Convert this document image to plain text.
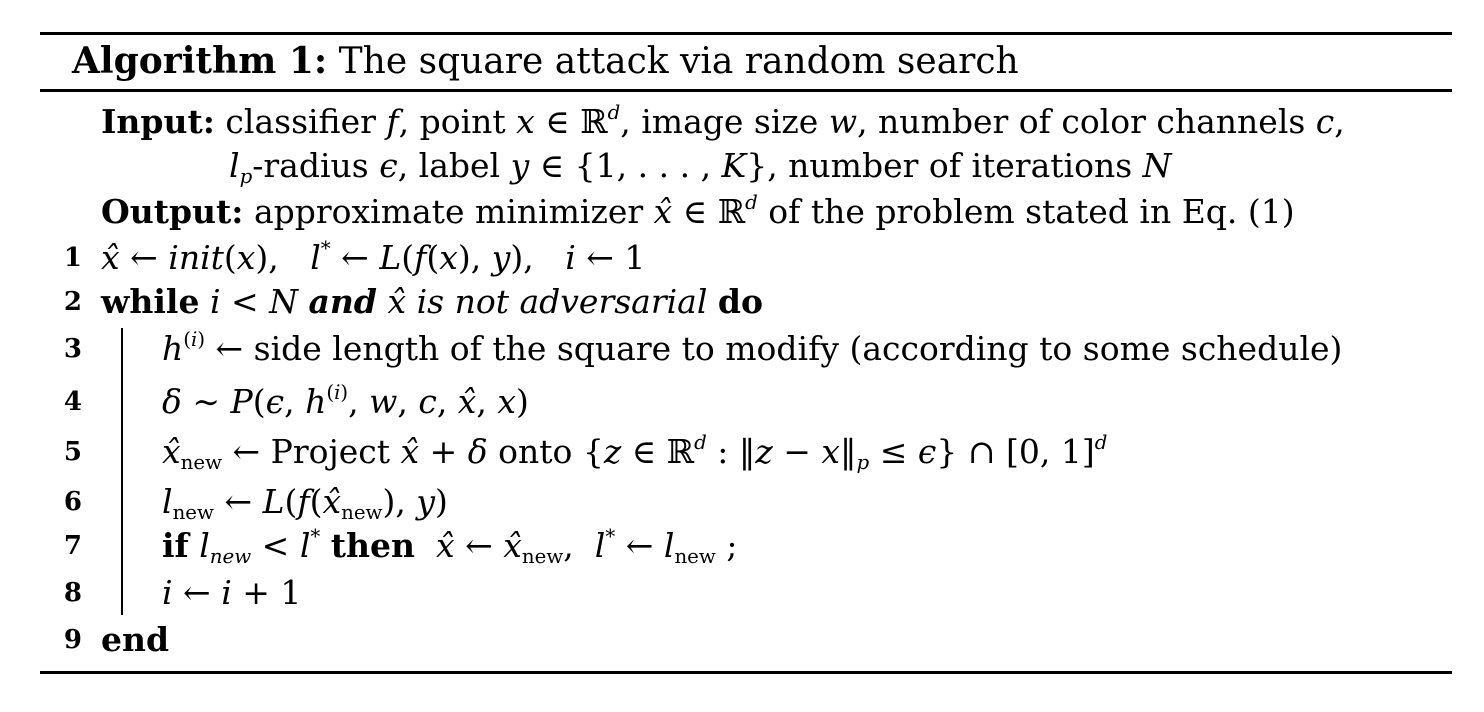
Algorithm 1: The square attack via random search
Input: classifier f, point x ∈ ℝ$^d$, image size w, number of color channels c,
$l_p$-radius ϵ, label y ∈ {1, . . . , K}, number of iterations N
Output: approximate minimizer x̂ ∈ ℝ$^d$ of the problem stated in Eq. (1)
1
2
3
4
5
6
7
8
9
x̂ ← init(x),   l* ← L(f(x), y),   i ← 1
while i < N and x̂ is not adversarial do
$h^{(i)}$ ← side length of the square to modify (according to some schedule)
δ ∼ P(ϵ, $h^{(i)}$, w, c, x̂, x)
$x̂_{new}$ ← Project x̂ + δ onto {z ∈ ℝ$^d$ : ‖z − $x‖_p \le \epsilon$} ∩ [0, 1]$^d$
$l_{new}$ ← $L(f(x̂_{new})$, y)
if $l_{new} < l^*$ then x̂ ← $x̂_{new}$,  l* ← $l_{new}$ ;
i ← i + 1
end
